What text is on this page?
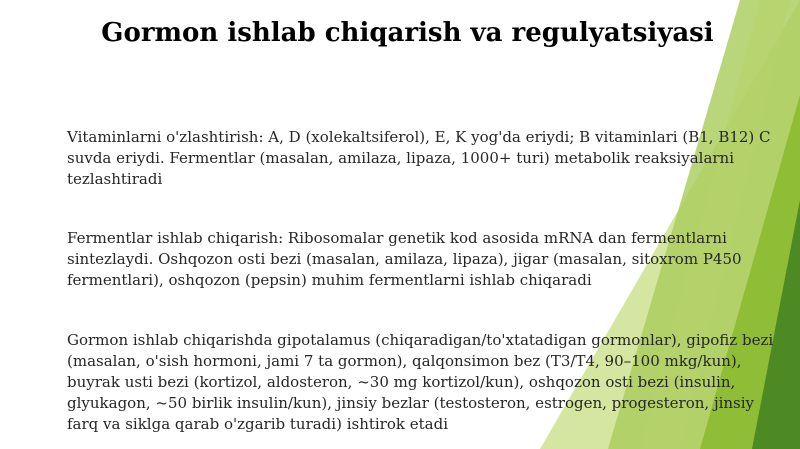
Gormon ishlab chiqarish va regulyatsiyasi
Vitaminlarni o'zlashtirish: A, D (xolekaltsiferol), E, K yog'da eriydi; B vitaminlari (B1, B12) C suvda eriydi. Fermentlar (masalan, amilaza, lipaza, 1000+ turi) metabolik reaksiyalarni tezlashtiradi
Fermentlar ishlab chiqarish: Ribosomalar genetik kod asosida mRNA dan fermentlarni sintezlaydi. Oshqozon osti bezi (masalan, amilaza, lipaza), jigar (masalan, sitoxrom P450 fermentlari), oshqozon (pepsin) muhim fermentlarni ishlab chiqaradi
Gormon ishlab chiqarishda gipotalamus (chiqaradigan/to'xtatadigan gormonlar), gipofiz bezi (masalan, o'sish hormoni, jami 7 ta gormon), qalqonsimon bez (T3/T4, 90–100 mkg/kun), buyrak usti bezi (kortizol, aldosteron, ~30 mg kortizol/kun), oshqozon osti bezi (insulin, glyukagon, ~50 birlik insulin/kun), jinsiy bezlar (testosteron, estrogen, progesteron, jinsiy farq va siklga qarab o'zgarib turadi) ishtirok etadi
